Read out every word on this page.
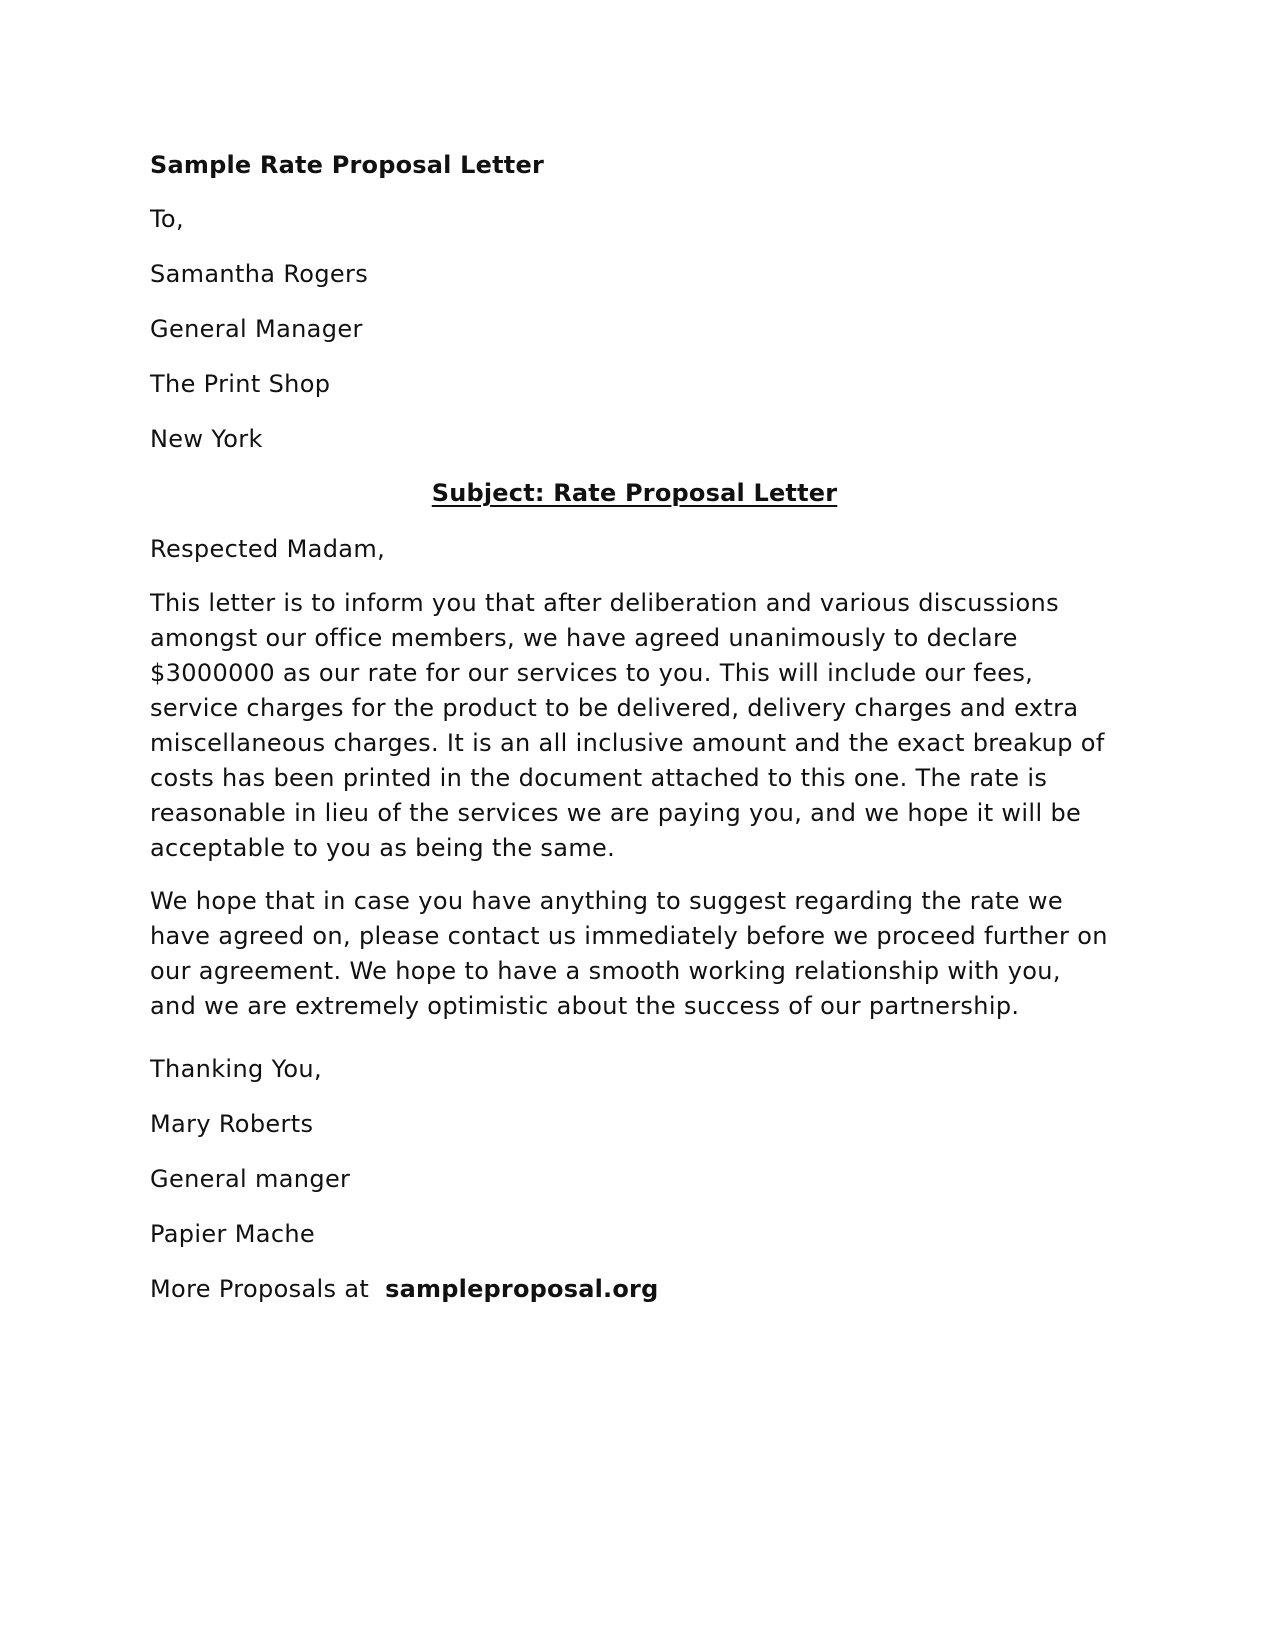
Sample Rate Proposal Letter

To,

Samantha Rogers

General Manager

The Print Shop

New York

Subject: Rate Proposal Letter

Respected Madam,

This letter is to inform you that after deliberation and various discussions
amongst our office members, we have agreed unanimously to declare
$3000000 as our rate for our services to you. This will include our fees,
service charges for the product to be delivered, delivery charges and extra
miscellaneous charges. It is an all inclusive amount and the exact breakup of
costs has been printed in the document attached to this one. The rate is
reasonable in lieu of the services we are paying you, and we hope it will be
acceptable to you as being the same.
We hope that in case you have anything to suggest regarding the rate we
have agreed on, please contact us immediately before we proceed further on
our agreement. We hope to have a smooth working relationship with you,
and we are extremely optimistic about the success of our partnership.

Thanking You,

Mary Roberts

General manger

Papier Mache

More Proposals at sampleproposal.org
